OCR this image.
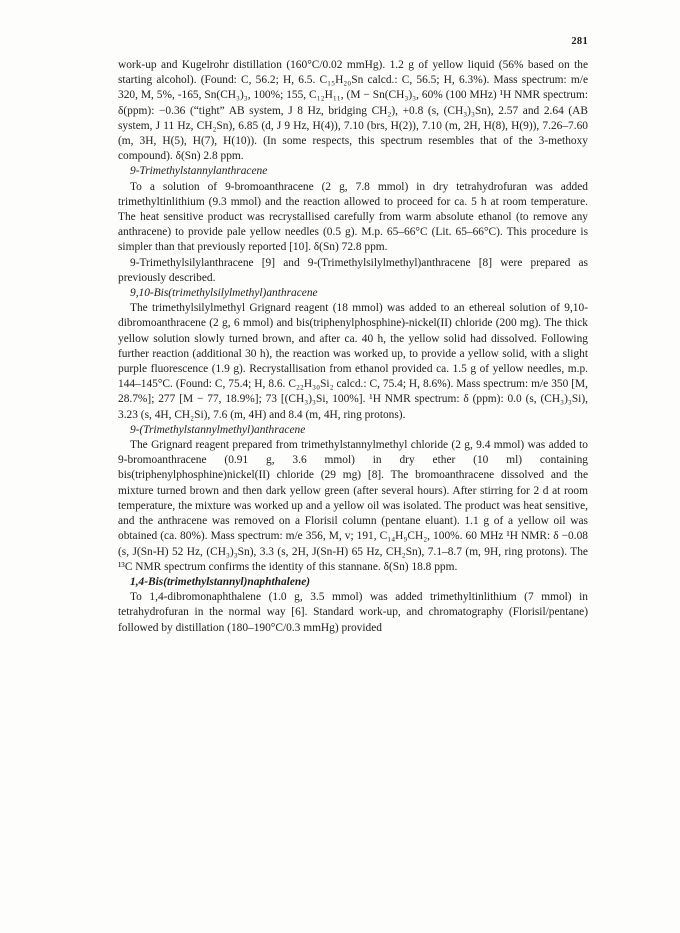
281

work-up and Kugelrohr distillation (160°C/0.02 mmHg). 1.2 g of yellow liquid (56% based on the starting alcohol). (Found: C, 56.2; H, 6.5. C₁₅H₂₀Sn calcd.: C, 56.5; H, 6.3%). Mass spectrum: m/e 320, M, 5%, -165, Sn(CH₃)₃, 100%; 155, C₁₂H₁₁, (M − Sn(CH₃)₃, 60% (100 MHz) ¹H NMR spectrum: δ(ppm): −0.36 (“tight” AB system, J 8 Hz, bridging CH₂), +0.8 (s, (CH₃)₃Sn), 2.57 and 2.64 (AB system, J 11 Hz, CH₂Sn), 6.85 (d, J 9 Hz, H(4)), 7.10 (brs, H(2)), 7.10 (m, 2H, H(8), H(9)), 7.26–7.60 (m, 3H, H(5), H(7), H(10)). (In some respects, this spectrum resembles that of the 3-methoxy compound). δ(Sn) 2.8 ppm.

9-Trimethylstannylanthracene

To a solution of 9-bromoanthracene (2 g, 7.8 mmol) in dry tetrahydrofuran was added trimethyltinlithium (9.3 mmol) and the reaction allowed to proceed for ca. 5 h at room temperature. The heat sensitive product was recrystallised carefully from warm absolute ethanol (to remove any anthracene) to provide pale yellow needles (0.5 g). M.p. 65–66°C (Lit. 65–66°C). This procedure is simpler than that previously reported [10]. δ(Sn) 72.8 ppm.

9-Trimethylsilylanthracene [9] and 9-(Trimethylsilylmethyl)anthracene [8] were prepared as previously described.

9,10-Bis(trimethylsilylmethyl)anthracene

The trimethylsilylmethyl Grignard reagent (18 mmol) was added to an ethereal solution of 9,10-dibromoanthracene (2 g, 6 mmol) and bis(triphenylphosphine)-nickel(II) chloride (200 mg). The thick yellow solution slowly turned brown, and after ca. 40 h, the yellow solid had dissolved. Following further reaction (additional 30 h), the reaction was worked up, to provide a yellow solid, with a slight purple fluorescence (1.9 g). Recrystallisation from ethanol provided ca. 1.5 g of yellow needles, m.p. 144–145°C. (Found: C, 75.4; H, 8.6. C₂₂H₃₀Si₂ calcd.: C, 75.4; H, 8.6%). Mass spectrum: m/e 350 [M, 28.7%]; 277 [M − 77, 18.9%]; 73 [(CH₃)₃Si, 100%]. ¹H NMR spectrum: δ (ppm): 0.0 (s, (CH₃)₃Si), 3.23 (s, 4H, CH₂Si), 7.6 (m, 4H) and 8.4 (m, 4H, ring protons).

9-(Trimethylstannylmethyl)anthracene

The Grignard reagent prepared from trimethylstannylmethyl chloride (2 g, 9.4 mmol) was added to 9-bromoanthracene (0.91 g, 3.6 mmol) in dry ether (10 ml) containing bis(triphenylphosphine)nickel(II) chloride (29 mg) [8]. The bromoanthracene dissolved and the mixture turned brown and then dark yellow green (after several hours). After stirring for 2 d at room temperature, the mixture was worked up and a yellow oil was isolated. The product was heat sensitive, and the anthracene was removed on a Florisil column (pentane eluant). 1.1 g of a yellow oil was obtained (ca. 80%). Mass spectrum: m/e 356, M, v; 191, C₁₄H₉CH₂, 100%. 60 MHz ¹H NMR: δ −0.08 (s, J(Sn-H) 52 Hz, (CH₃)₃Sn), 3.3 (s, 2H, J(Sn-H) 65 Hz, CH₂Sn), 7.1–8.7 (m, 9H, ring protons). The ¹³C NMR spectrum confirms the identity of this stannane. δ(Sn) 18.8 ppm.

1,4-Bis(trimethylstannyl)naphthalene)

To 1,4-dibromonaphthalene (1.0 g, 3.5 mmol) was added trimethyltinlithium (7 mmol) in tetrahydrofuran in the normal way [6]. Standard work-up, and chromatography (Florisil/pentane) followed by distillation (180–190°C/0.3 mmHg) provided
